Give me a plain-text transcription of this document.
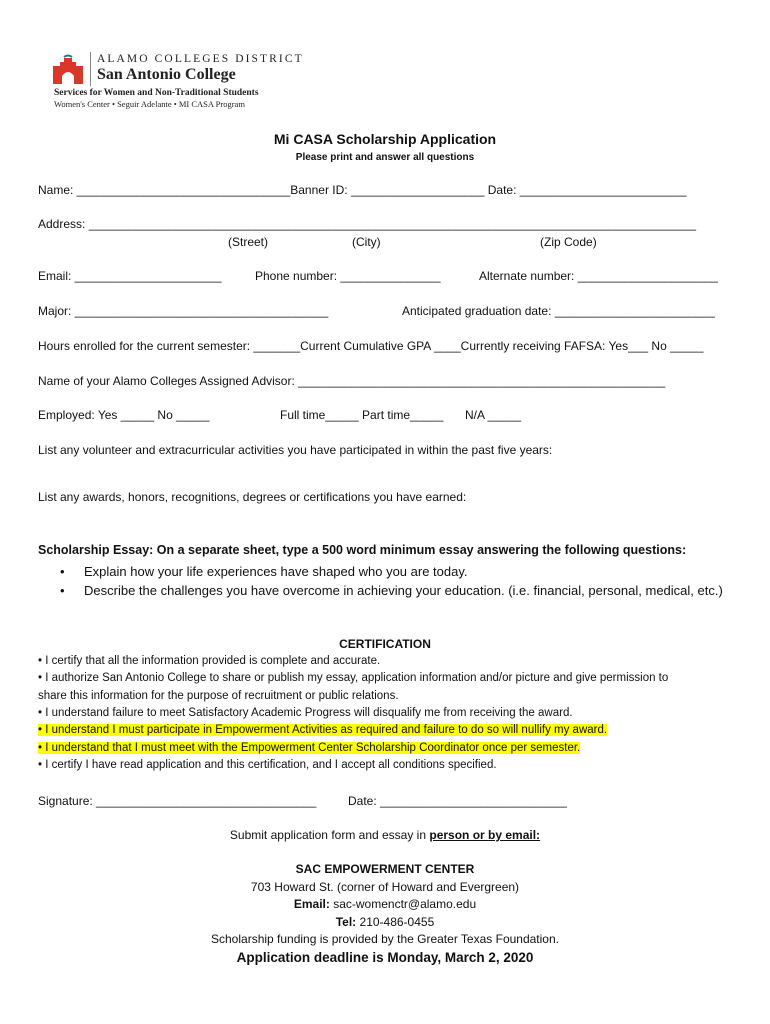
ALAMO COLLEGES DISTRICT
San Antonio College
Services for Women and Non-Traditional Students
Women's Center • Seguir Adelante • MI CASA Program
Mi CASA Scholarship Application
Please print and answer all questions
Name: ________________________________Banner ID: ____________________ Date: _________________________
Address: ___________________________________________________________________________________________
(Street)	(City)	(Zip Code)
Email: ______________________	Phone number: _______________	Alternate number: _____________________
Major: ______________________________________	Anticipated graduation date: ________________________
Hours enrolled for the current semester: _______Current Cumulative GPA ____Currently receiving FAFSA: Yes___ No _____
Name of your Alamo Colleges Assigned Advisor: _______________________________________________________
Employed: Yes _____ No _____	Full time_____ Part time_____ N/A _____
List any volunteer and extracurricular activities you have participated in within the past five years:
List any awards, honors, recognitions, degrees or certifications you have earned:
Scholarship Essay: On a separate sheet, type a 500 word minimum essay answering the following questions:
• Explain how your life experiences have shaped who you are today.
• Describe the challenges you have overcome in achieving your education. (i.e. financial, personal, medical, etc.)
CERTIFICATION
• I certify that all the information provided is complete and accurate.
• I authorize San Antonio College to share or publish my essay, application information and/or picture and give permission to
share this information for the purpose of recruitment or public relations.
• I understand failure to meet Satisfactory Academic Progress will disqualify me from receiving the award.
• I understand I must participate in Empowerment Activities as required and failure to do so will nullify my award.
• I understand that I must meet with the Empowerment Center Scholarship Coordinator once per semester.
• I certify I have read application and this certification, and I accept all conditions specified.
Signature: _________________________________	Date: ____________________________
Submit application form and essay in person or by email:
SAC EMPOWERMENT CENTER
703 Howard St. (corner of Howard and Evergreen)
Email: sac-womenctr@alamo.edu
Tel: 210-486-0455
Scholarship funding is provided by the Greater Texas Foundation.
Application deadline is Monday, March 2, 2020
